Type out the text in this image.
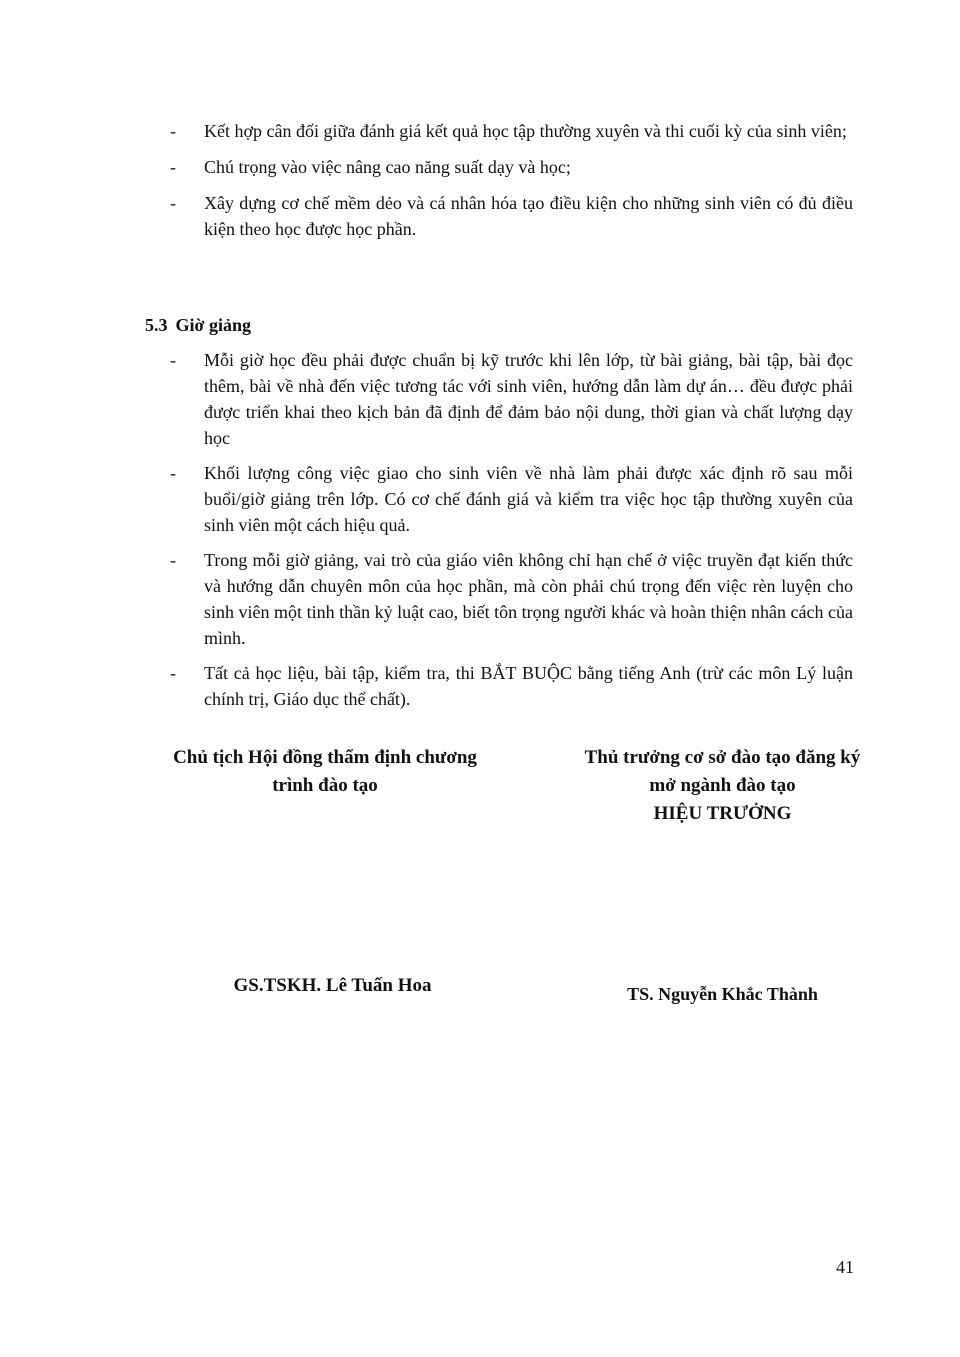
- Kết hợp cân đối giữa đánh giá kết quả học tập thường xuyên và thi cuối kỳ của sinh viên;
- Chú trọng vào việc nâng cao năng suất dạy và học;
- Xây dựng cơ chế mềm dẻo và cá nhân hóa tạo điều kiện cho những sinh viên có đủ điều kiện theo học được học phần.
5.3 Giờ giảng
- Mỗi giờ học đều phải được chuẩn bị kỹ trước khi lên lớp, từ bài giảng, bài tập, bài đọc thêm, bài về nhà đến việc tương tác với sinh viên, hướng dẫn làm dự án… đều được phải được triển khai theo kịch bản đã định để đảm bảo nội dung, thời gian và chất lượng dạy học
- Khối lượng công việc giao cho sinh viên về nhà làm phải được xác định rõ sau mỗi buổi/giờ giảng trên lớp. Có cơ chế đánh giá và kiểm tra việc học tập thường xuyên của sinh viên một cách hiệu quả.
- Trong mỗi giờ giảng, vai trò của giáo viên không chỉ hạn chế ở việc truyền đạt kiến thức và hướng dẫn chuyên môn của học phần, mà còn phải chú trọng đến việc rèn luyện cho sinh viên một tinh thần kỷ luật cao, biết tôn trọng người khác và hoàn thiện nhân cách của mình.
- Tất cả học liệu, bài tập, kiểm tra, thi BẮT BUỘC bằng tiếng Anh (trừ các môn Lý luận chính trị, Giáo dục thể chất).
Chủ tịch Hội đồng thẩm định chương
trình đào tạo
Thủ trưởng cơ sở đào tạo đăng ký
mở ngành đào tạo
HIỆU TRƯỞNG
GS.TSKH. Lê Tuấn Hoa	TS. Nguyễn Khắc Thành
41
